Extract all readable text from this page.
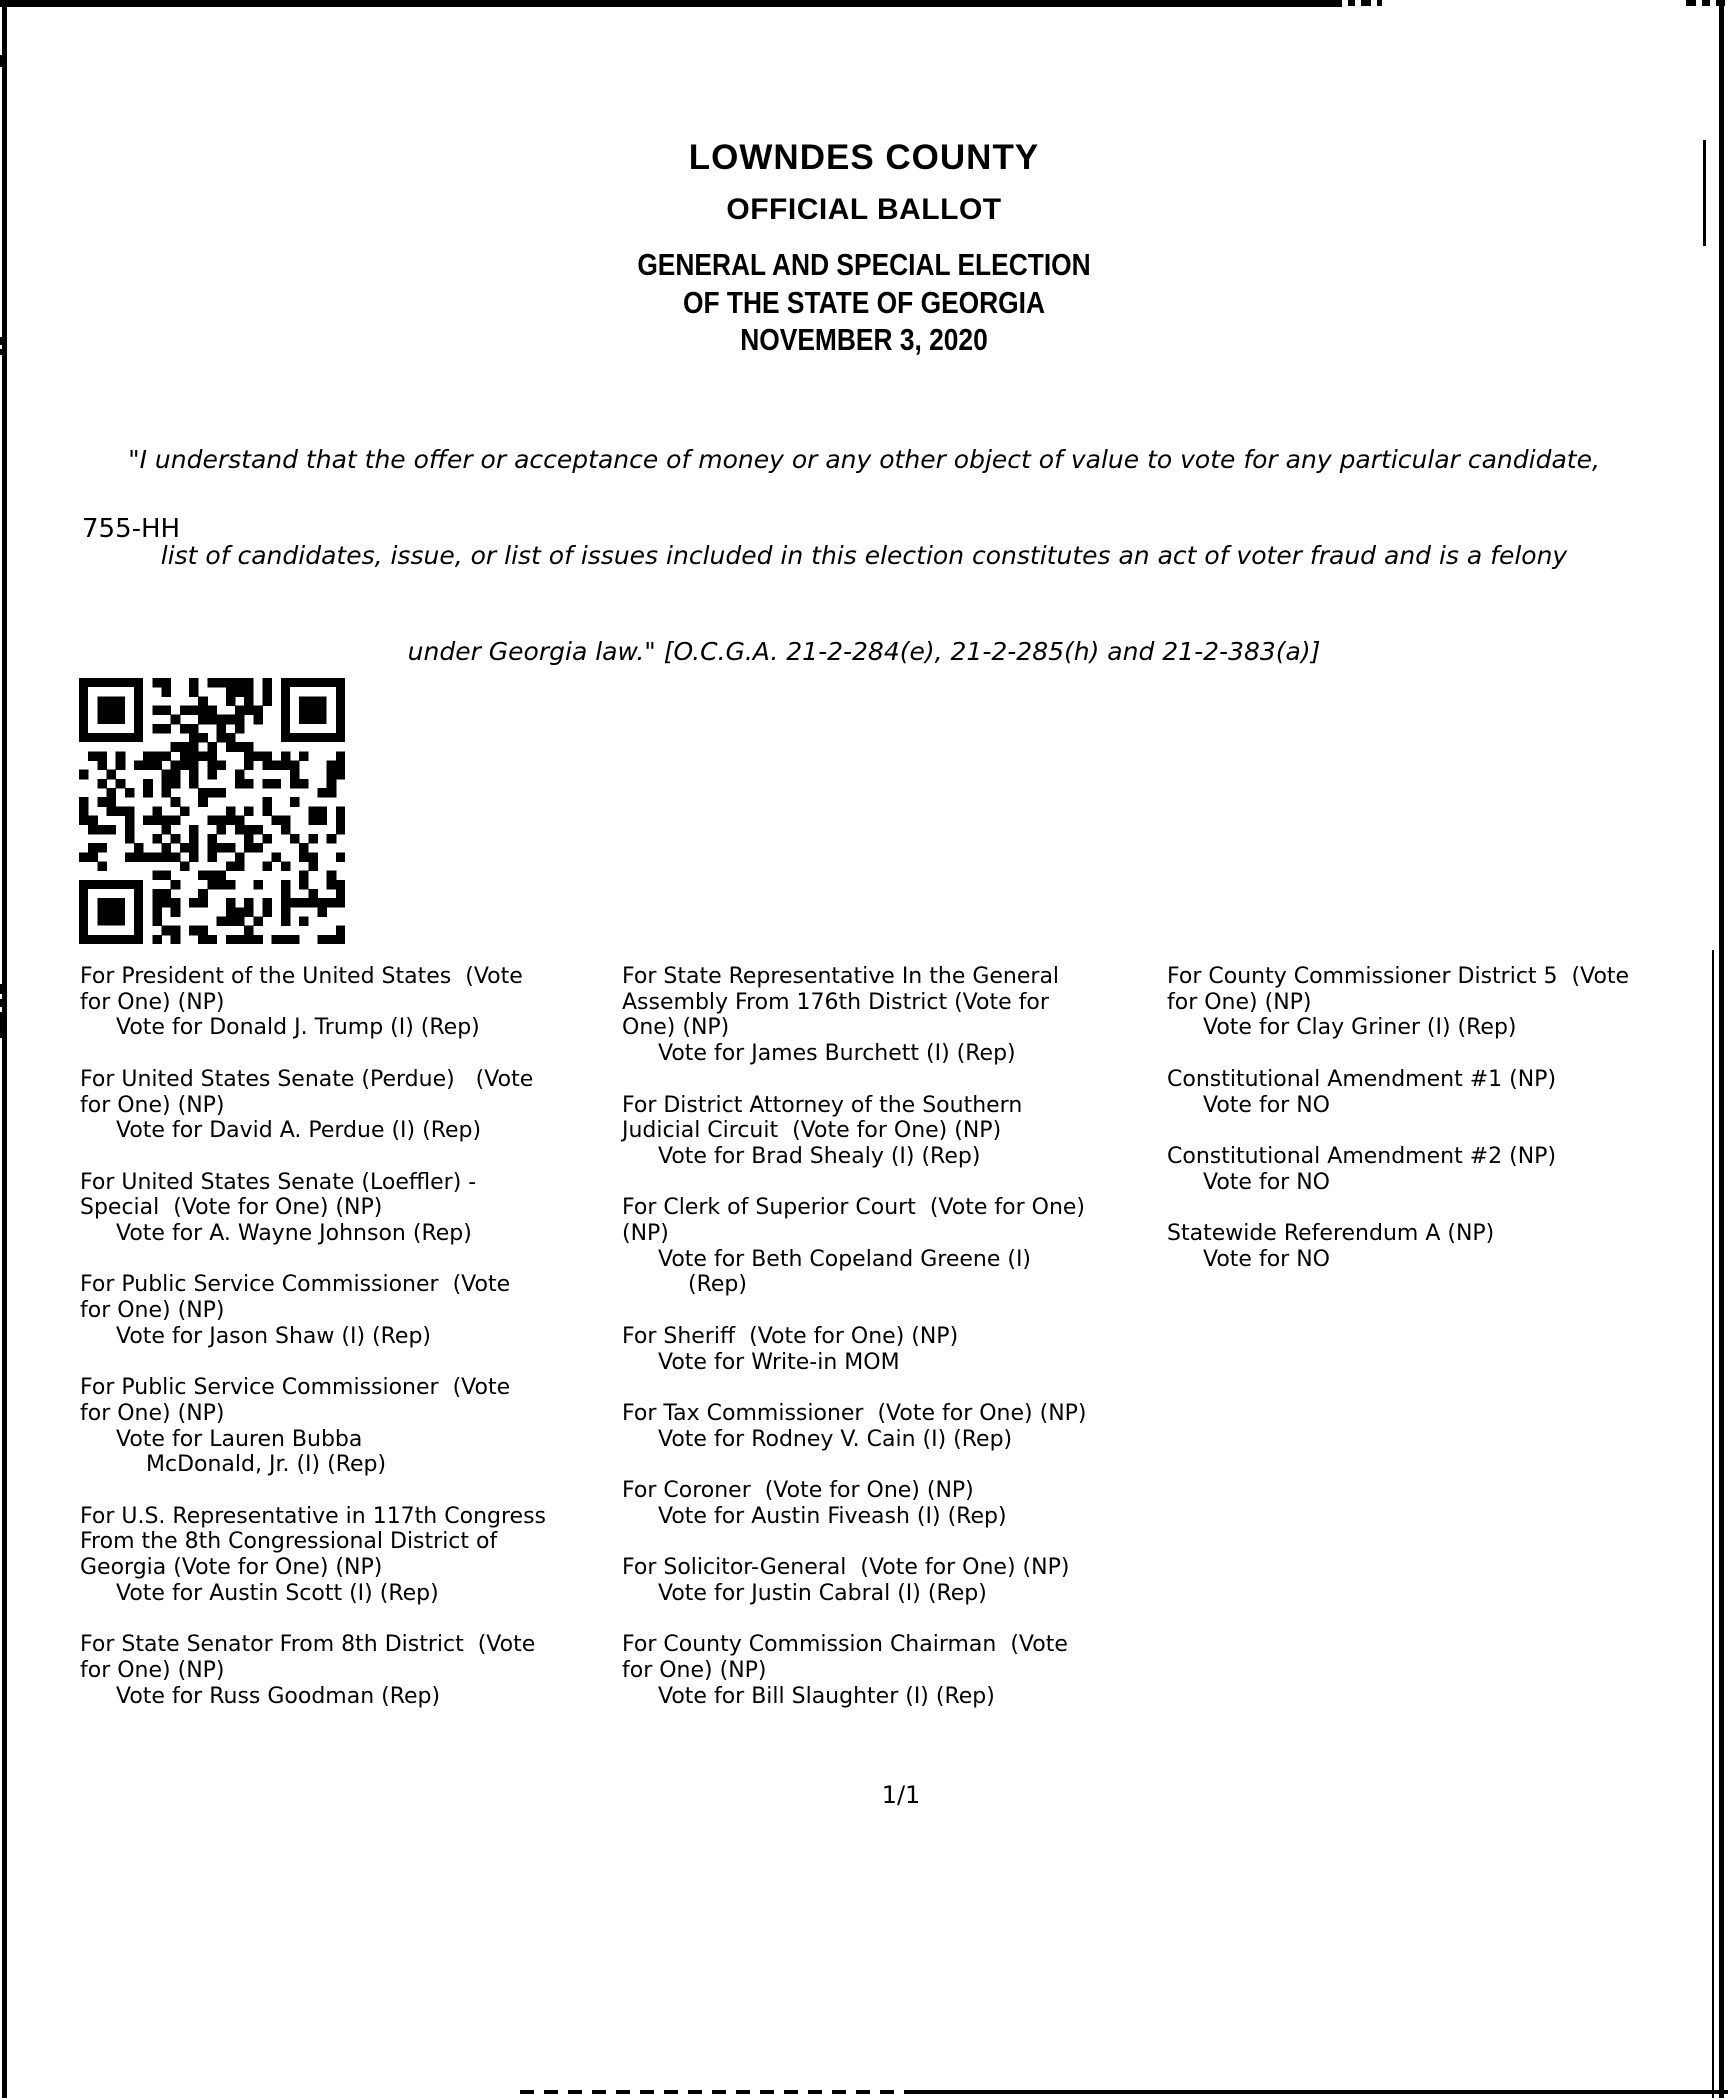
LOWNDES COUNTY
OFFICIAL BALLOT
GENERAL AND SPECIAL ELECTION
OF THE STATE OF GEORGIA
NOVEMBER 3, 2020

"I understand that the offer or acceptance of money or any other object of value to vote for any particular candidate,

list of candidates, issue, or list of issues included in this election constitutes an act of voter fraud and is a felony

under Georgia law." [O.C.G.A. 21-2-284(e), 21-2-285(h) and 21-2-383(a)]

755-HH
For President of the United States  (Vote
for One) (NP)
Vote for Donald J. Trump (I) (Rep)
For United States Senate (Perdue)   (Vote
for One) (NP)
Vote for David A. Perdue (I) (Rep)
For United States Senate (Loeffler) -
Special  (Vote for One) (NP)
Vote for A. Wayne Johnson (Rep)
For Public Service Commissioner  (Vote
for One) (NP)
Vote for Jason Shaw (I) (Rep)
For Public Service Commissioner  (Vote
for One) (NP)
Vote for Lauren Bubba
McDonald, Jr. (I) (Rep)
For U.S. Representative in 117th Congress
From the 8th Congressional District of
Georgia (Vote for One) (NP)
Vote for Austin Scott (I) (Rep)
For State Senator From 8th District  (Vote
for One) (NP)
Vote for Russ Goodman (Rep)
For State Representative In the General
Assembly From 176th District (Vote for
One) (NP)
Vote for James Burchett (I) (Rep)
For District Attorney of the Southern
Judicial Circuit  (Vote for One) (NP)
Vote for Brad Shealy (I) (Rep)
For Clerk of Superior Court  (Vote for One)
(NP)
Vote for Beth Copeland Greene (I)
(Rep)
For Sheriff  (Vote for One) (NP)
Vote for Write-in MOM
For Tax Commissioner  (Vote for One) (NP)
Vote for Rodney V. Cain (I) (Rep)
For Coroner  (Vote for One) (NP)
Vote for Austin Fiveash (I) (Rep)
For Solicitor-General  (Vote for One) (NP)
Vote for Justin Cabral (I) (Rep)
For County Commission Chairman  (Vote
for One) (NP)
Vote for Bill Slaughter (I) (Rep)
For County Commissioner District 5  (Vote
for One) (NP)
Vote for Clay Griner (I) (Rep)
Constitutional Amendment #1 (NP)
Vote for NO
Constitutional Amendment #2 (NP)
Vote for NO
Statewide Referendum A (NP)
Vote for NO
1/1
